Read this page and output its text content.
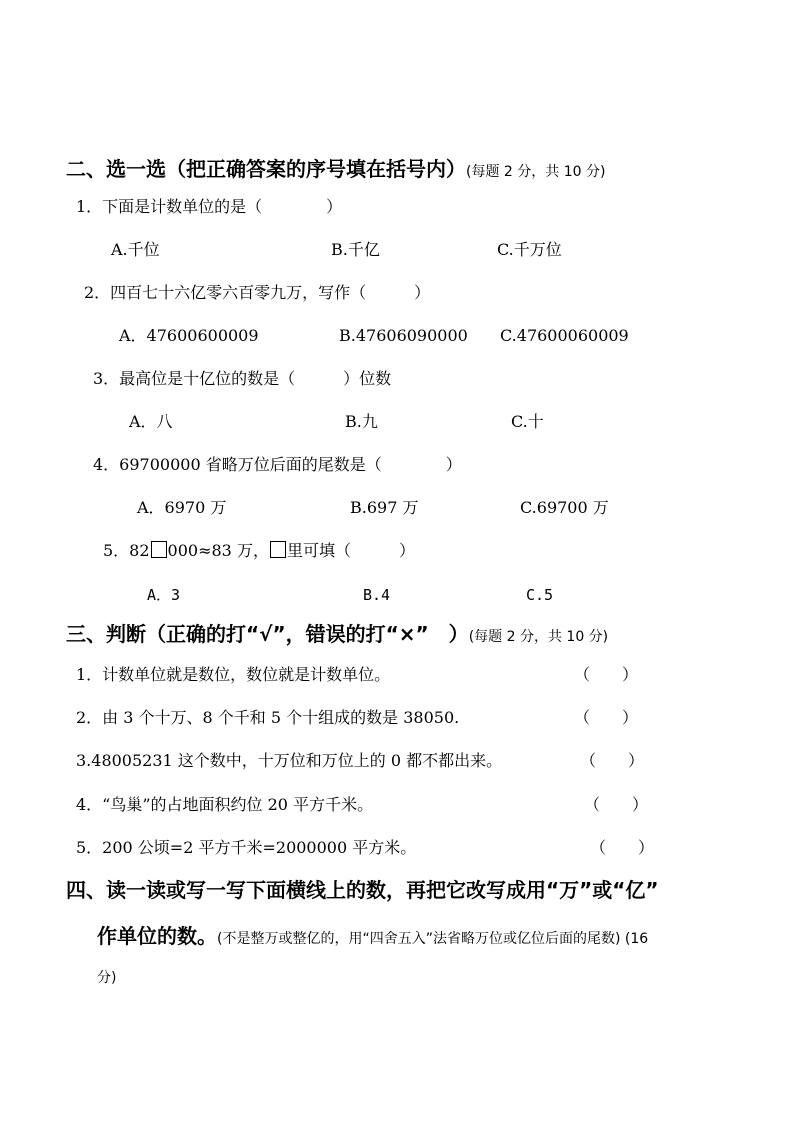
二、选一选（把正确答案的序号填在括号内）(每题 2 分，共 10 分)
1．下面是计数单位的是（　　　　）
A.千位	B.千亿	C.千万位
2．四百七十六亿零六百零九万，写作（　　　）
A．47600600009	B.47606090000 C.47600060009
3．最高位是十亿位的数是（　　　）位数
A．八	B.九	C.十
4．69700000 省略万位后面的尾数是（　　　　）
A．6970 万	B.697 万	C.69700 万
5．82 000≈83 万， 里可填（　　　）
A．3	B.4	C.5
三、判断（正确的打“√”，错误的打“×”　）(每题 2 分，共 10 分)
1．计数单位就是数位，数位就是计数单位。	（　　）
2．由 3 个十万、8 个千和 5 个十组成的数是 38050.	（　　）
3.48005231 这个数中，十万位和万位上的 0 都不都出来。	（　　）
4．“鸟巢”的占地面积约位 20 平方千米。	（　　）
5．200 公顷=2 平方千米=2000000 平方米。	（　　）
四、读一读或写一写下面横线上的数，再把它改写成用“万”或“亿”
作单位的数。(不是整万或整亿的，用“四舍五入”法省略万位或亿位后面的尾数) (16
分)
